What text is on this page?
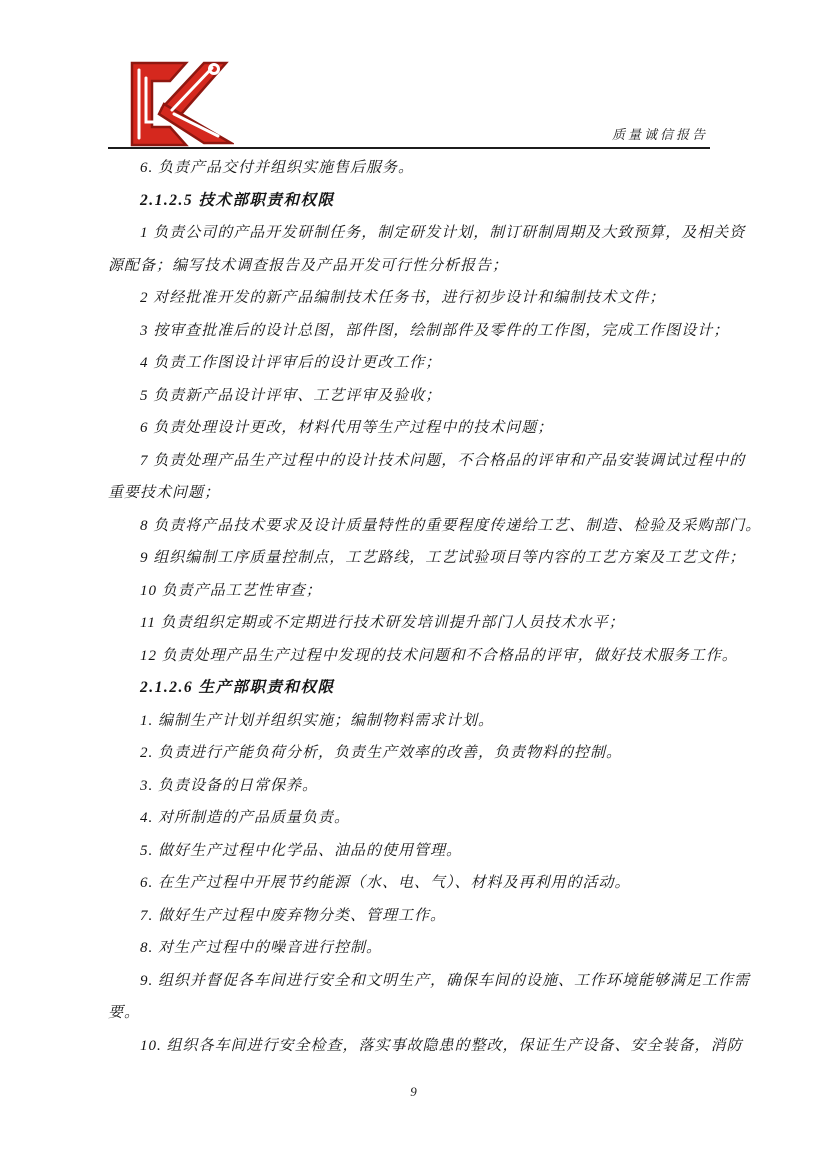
质量诚信报告
6. 负责产品交付并组织实施售后服务。
2.1.2.5 技术部职责和权限
1 负责公司的产品开发研制任务，制定研发计划，制订研制周期及大致预算，及相关资
源配备；编写技术调查报告及产品开发可行性分析报告；
2 对经批准开发的新产品编制技术任务书，进行初步设计和编制技术文件；
3 按审查批准后的设计总图，部件图，绘制部件及零件的工作图，完成工作图设计；
4 负责工作图设计评审后的设计更改工作；
5 负责新产品设计评审、工艺评审及验收；
6 负责处理设计更改，材料代用等生产过程中的技术问题；
7 负责处理产品生产过程中的设计技术问题，不合格品的评审和产品安装调试过程中的
重要技术问题；
8 负责将产品技术要求及设计质量特性的重要程度传递给工艺、制造、检验及采购部门。
9 组织编制工序质量控制点，工艺路线，工艺试验项目等内容的工艺方案及工艺文件；
10 负责产品工艺性审查；
11 负责组织定期或不定期进行技术研发培训提升部门人员技术水平；
12 负责处理产品生产过程中发现的技术问题和不合格品的评审，做好技术服务工作。
2.1.2.6 生产部职责和权限
1. 编制生产计划并组织实施；编制物料需求计划。
2. 负责进行产能负荷分析，负责生产效率的改善，负责物料的控制。
3. 负责设备的日常保养。
4. 对所制造的产品质量负责。
5. 做好生产过程中化学品、油品的使用管理。
6. 在生产过程中开展节约能源（水、电、气）、材料及再利用的活动。
7. 做好生产过程中废弃物分类、管理工作。
8. 对生产过程中的噪音进行控制。
9. 组织并督促各车间进行安全和文明生产，确保车间的设施、工作环境能够满足工作需
要。
10. 组织各车间进行安全检查，落实事故隐患的整改，保证生产设备、安全装备，消防
9
